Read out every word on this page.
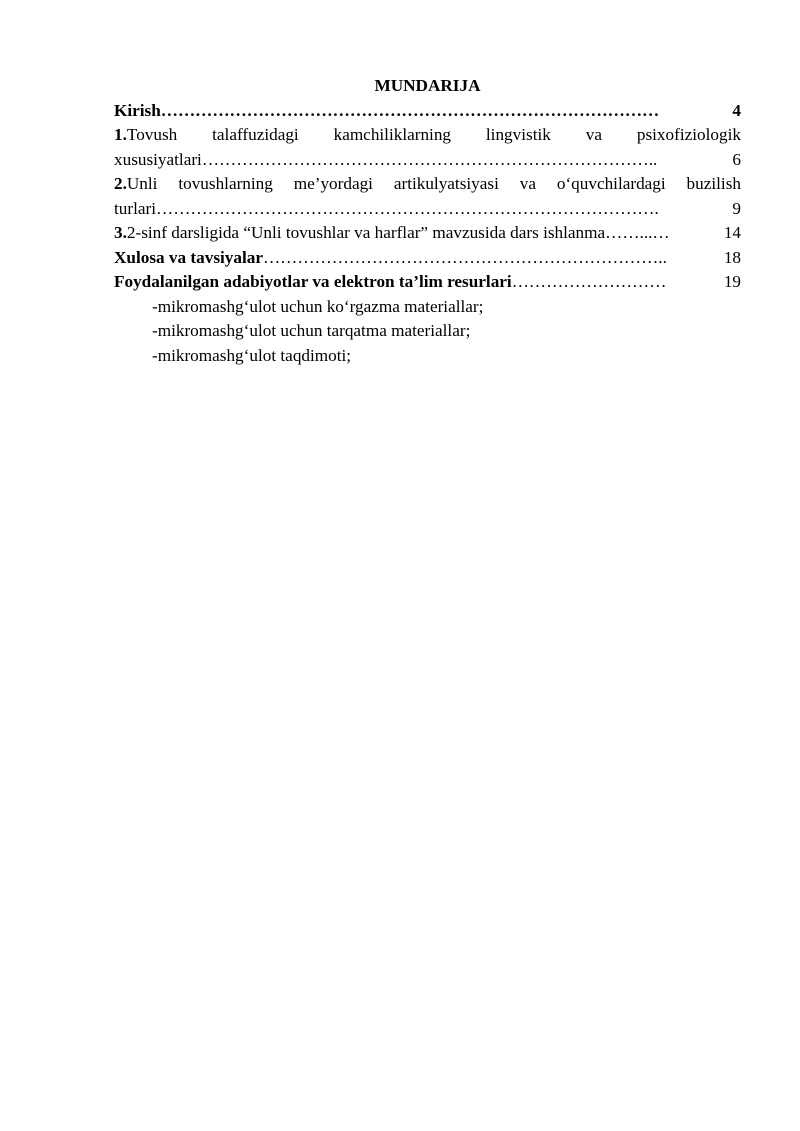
MUNDARIJA
Kirish ……………………………………………………………………………	4
1.Tovush talaffuzidagi kamchiliklarning lingvistik va psixofiziologik
xususiyatlari ……………………………………………………………………..	6
2.Unli tovushlarning me’yordagi artikulyatsiyasi va o‘quvchilardagi buzilish
turlari …………………………………………………………………………….	9
3. 2-sinf darsligida “Unli tovushlar va harflar” mavzusida dars ishlanma ……...…	14
Xulosa va tavsiyalar ……………………………………………………………..	18
Foydalanilgan adabiyotlar va elektron ta’lim resurlari ………………………	19
-mikromashg‘ulot uchun ko‘rgazma materiallar;
-mikromashg‘ulot uchun tarqatma materiallar;
-mikromashg‘ulot taqdimoti;
